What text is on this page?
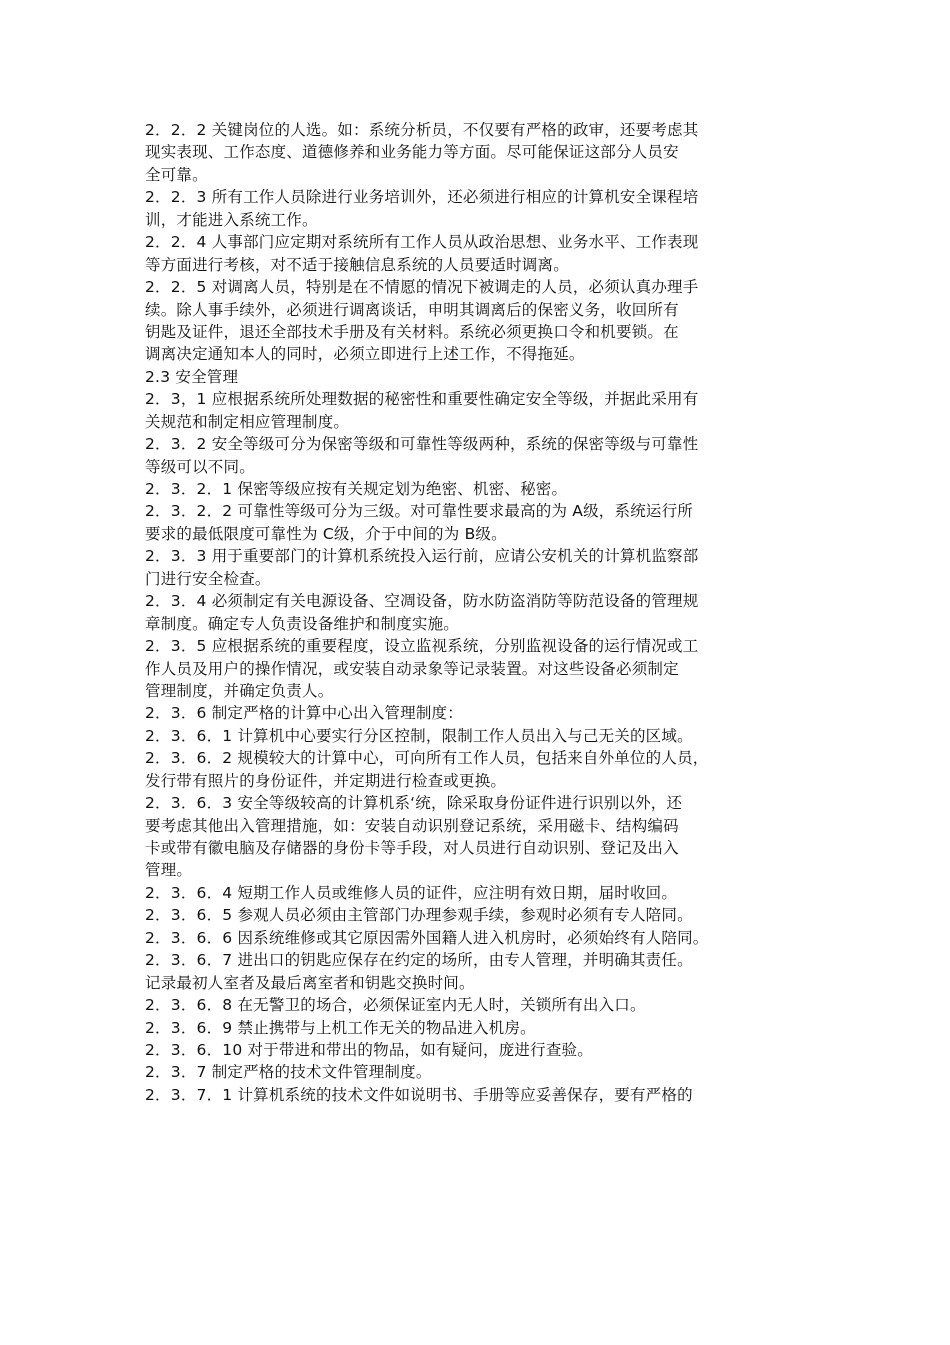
2．2．2 关键岗位的人选。如：系统分析员，不仅要有严格的政审，还要考虑其
现实表现、工作态度、道德修养和业务能力等方面。尽可能保证这部分人员安
全可靠。
2．2．3 所有工作人员除进行业务培训外，还必须进行相应的计算机安全课程培
训，才能进入系统工作。
2．2．4 人事部门应定期对系统所有工作人员从政治思想、业务水平、工作表现
等方面进行考核，对不适于接触信息系统的人员要适时调离。
2．2．5 对调离人员，特别是在不情愿的情况下被调走的人员，必须认真办理手
续。除人事手续外，必须进行调离谈话，申明其调离后的保密义务，收回所有
钥匙及证件，退还全部技术手册及有关材料。系统必须更换口令和机要锁。在
调离决定通知本人的同时，必须立即进行上述工作，不得拖延。
2.3 安全管理
2．3，1 应根据系统所处理数据的秘密性和重要性确定安全等级，并据此采用有
关规范和制定相应管理制度。
2．3．2 安全等级可分为保密等级和可靠性等级两种，系统的保密等级与可靠性
等级可以不同。
2．3．2．1 保密等级应按有关规定划为绝密、机密、秘密。
2．3．2．2 可靠性等级可分为三级。对可靠性要求最高的为 A级，系统运行所
要求的最低限度可靠性为 C级，介于中间的为 B级。
2．3．3 用于重要部门的计算机系统投入运行前，应请公安机关的计算机监察部
门进行安全检查。
2．3．4 必须制定有关电源设备、空凋设备，防水防盗消防等防范设备的管理规
章制度。确定专人负责设备维护和制度实施。
2．3．5 应根据系统的重要程度，设立监视系统，分别监视设备的运行情况或工
作人员及用户的操作情况，或安装自动录象等记录装置。对这些设备必须制定
管理制度，并确定负责人。
2．3．6 制定严格的计算中心出入管理制度：
2．3．6．1 计算机中心要实行分区控制，限制工作人员出入与己无关的区域。
2．3．6．2 规模较大的计算中心，可向所有工作人员，包括来自外单位的人员，
发行带有照片的身份证件，并定期进行检查或更换。
2．3．6．3 安全等级较高的计算机系‘统，除采取身份证件进行识别以外，还
要考虑其他出入管理措施，如：安装自动识别登记系统，采用磁卡、结构编码
卡或带有徽电脑及存储器的身份卡等手段，对人员进行自动识别、登记及出入
管理。
2．3．6．4 短期工作人员或维修人员的证件，应注明有效日期，届时收回。
2．3．6．5 参观人员必须由主管部门办理参观手续，参观时必须有专人陪同。
2．3．6．6 因系统维修或其它原因需外国籍人进入机房时，必须始终有人陪同。
2．3．6．7 进出口的钥匙应保存在约定的场所，由专人管理，并明确其责任。
记录最初人室者及最后离室者和钥匙交换时间。
2．3．6．8 在无警卫的场合，必须保证室内无人时，关锁所有出入口。
2．3．6．9 禁止携带与上机工作无关的物品进入机房。
2．3．6．10 对于带进和带出的物品，如有疑问，庞进行查验。
2．3．7 制定严格的技术文件管理制度。
2．3．7．1 计算机系统的技术文件如说明书、手册等应妥善保存，要有严格的
